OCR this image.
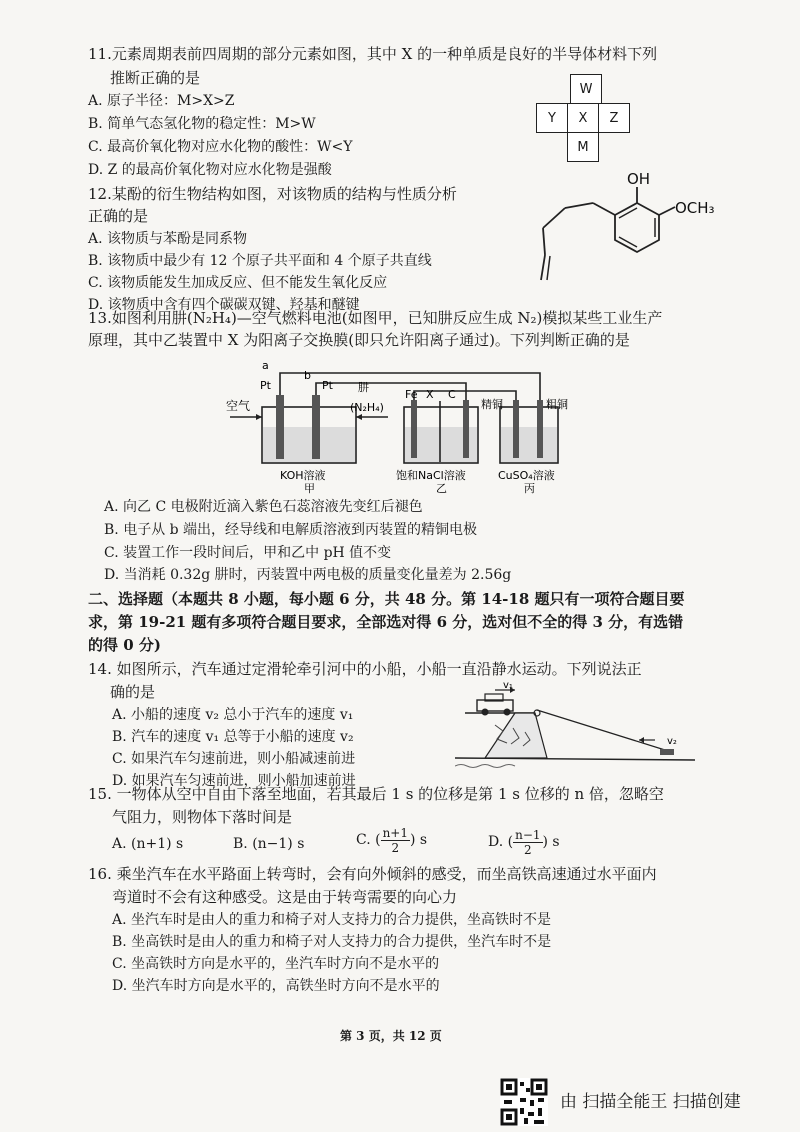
11.元素周期表前四周期的部分元素如图，其中 X 的一种单质是良好的半导体材料下列
推断正确的是
A. 原子半径：M>X>Z
B. 简单气态氢化物的稳定性：M>W
C. 最高价氧化物对应水化物的酸性：W<Y
D. Z 的最高价氧化物对应水化物是强酸
W
Y	X	Z
M
12.某酚的衍生物结构如图，对该物质的结构与性质分析
正确的是
A. 该物质与苯酚是同系物
B. 该物质中最少有 12 个原子共平面和 4 个原子共直线
C. 该物质能发生加成反应、但不能发生氧化反应
D. 该物质中含有四个碳碳双键、羟基和醚键
OH
OCH₃
13.如图利用肼(N₂H₄)—空气燃料电池(如图甲，已知肼反应生成 N₂)模拟某些工业生产
原理，其中乙装置中 X 为阳离子交换膜(即只允许阳离子通过)。下列判断正确的是
a
b
Pt	Pt
空气
肼
(N₂H₄)
Fe X C
精铜	粗铜
KOH溶液
甲
饱和NaCl溶液
乙
CuSO₄溶液
丙
A. 向乙 C 电极附近滴入紫色石蕊溶液先变红后褪色
B. 电子从 b 端出，经导线和电解质溶液到丙装置的精铜电极
C. 装置工作一段时间后，甲和乙中 pH 值不变
D. 当消耗 0.32g 肼时，丙装置中两电极的质量变化量差为 2.56g
二、选择题（本题共 8 小题，每小题 6 分，共 48 分。第 14-18 题只有一项符合题目要
求，第 19-21 题有多项符合题目要求，全部选对得 6 分，选对但不全的得 3 分，有选错
的得 0 分)
14. 如图所示，汽车通过定滑轮牵引河中的小船，小船一直沿静水运动。下列说法正
确的是
A. 小船的速度 v₂ 总小于汽车的速度 v₁
B. 汽车的速度 v₁ 总等于小船的速度 v₂
C. 如果汽车匀速前进，则小船减速前进
D. 如果汽车匀速前进，则小船加速前进
v₁
v₂
15. 一物体从空中自由下落至地面，若其最后 1 s 的位移是第 1 s 位移的 n 倍，忽略空
气阻力，则物体下落时间是
A. (n+1) s	B. (n−1) s	C. ( $\frac{n+1}{2}$ ) s	D. ( $\frac{n-1}{2}$ ) s
16. 乘坐汽车在水平路面上转弯时，会有向外倾斜的感受，而坐高铁高速通过水平面内
弯道时不会有这种感受。这是由于转弯需要的向心力
A. 坐汽车时是由人的重力和椅子对人支持力的合力提供，坐高铁时不是
B. 坐高铁时是由人的重力和椅子对人支持力的合力提供，坐汽车时不是
C. 坐高铁时方向是水平的，坐汽车时方向不是水平的
D. 坐汽车时方向是水平的，高铁坐时方向不是水平的
第 3 页，共 12 页
由 扫描全能王 扫描创建
